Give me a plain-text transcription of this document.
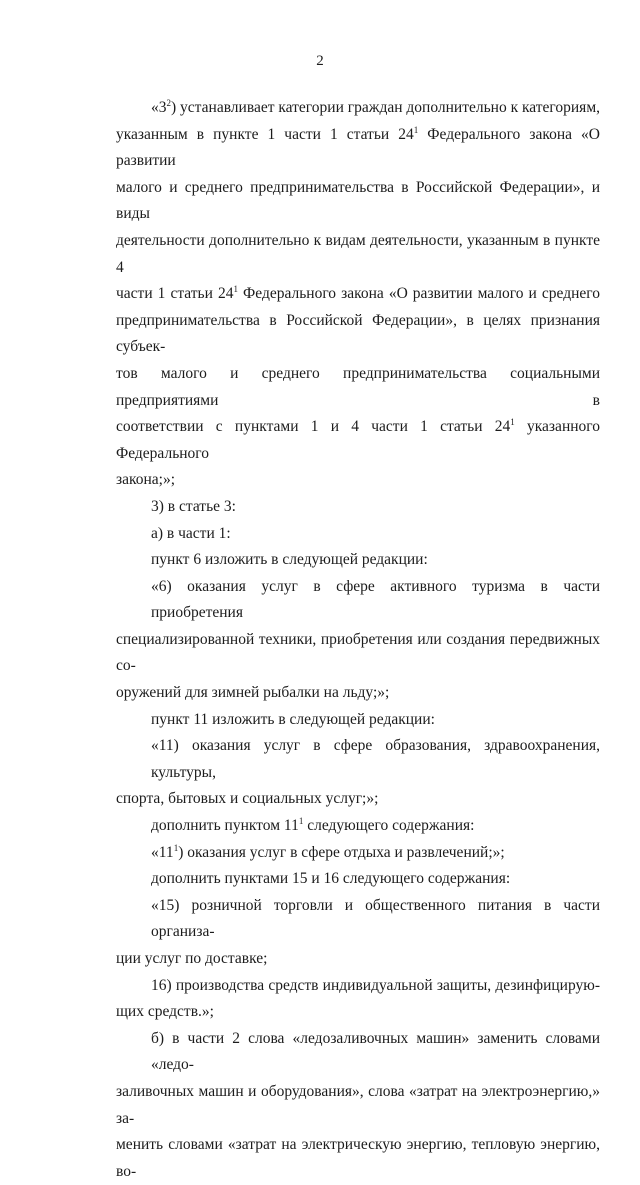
2
«$3^2$) устанавливает категории граждан дополнительно к категориям,
указанным в пункте 1 части 1 статьи $24^1$ Федерального закона «О развитии
малого и среднего предпринимательства в Российской Федерации», и виды
деятельности дополнительно к видам деятельности, указанным в пункте 4
части 1 статьи $24^1$ Федерального закона «О развитии малого и среднего
предпринимательства в Российской Федерации», в целях признания субъек-
тов малого и среднего предпринимательства социальными предприятиями в
соответствии с пунктами 1 и 4 части 1 статьи $24^1$ указанного Федерального
закона;»;
3) в статье 3:
а) в части 1:
пункт 6 изложить в следующей редакции:
«6) оказания услуг в сфере активного туризма в части приобретения
специализированной техники, приобретения или создания передвижных со-
оружений для зимней рыбалки на льду;»;
пункт 11 изложить в следующей редакции:
«11) оказания услуг в сфере образования, здравоохранения, культуры,
спорта, бытовых и социальных услуг;»;
дополнить пунктом $11^1$ следующего содержания:
«$11^1$) оказания услуг в сфере отдыха и развлечений;»;
дополнить пунктами 15 и 16 следующего содержания:
«15) розничной торговли и общественного питания в части организа-
ции услуг по доставке;
16) производства средств индивидуальной защиты, дезинфицирую-
щих средств.»;
б) в части 2 слова «ледозаливочных машин» заменить словами «ледо-
заливочных машин и оборудования», слова «затрат на электроэнергию,» за-
менить словами «затрат на электрическую энергию, тепловую энергию, во-
